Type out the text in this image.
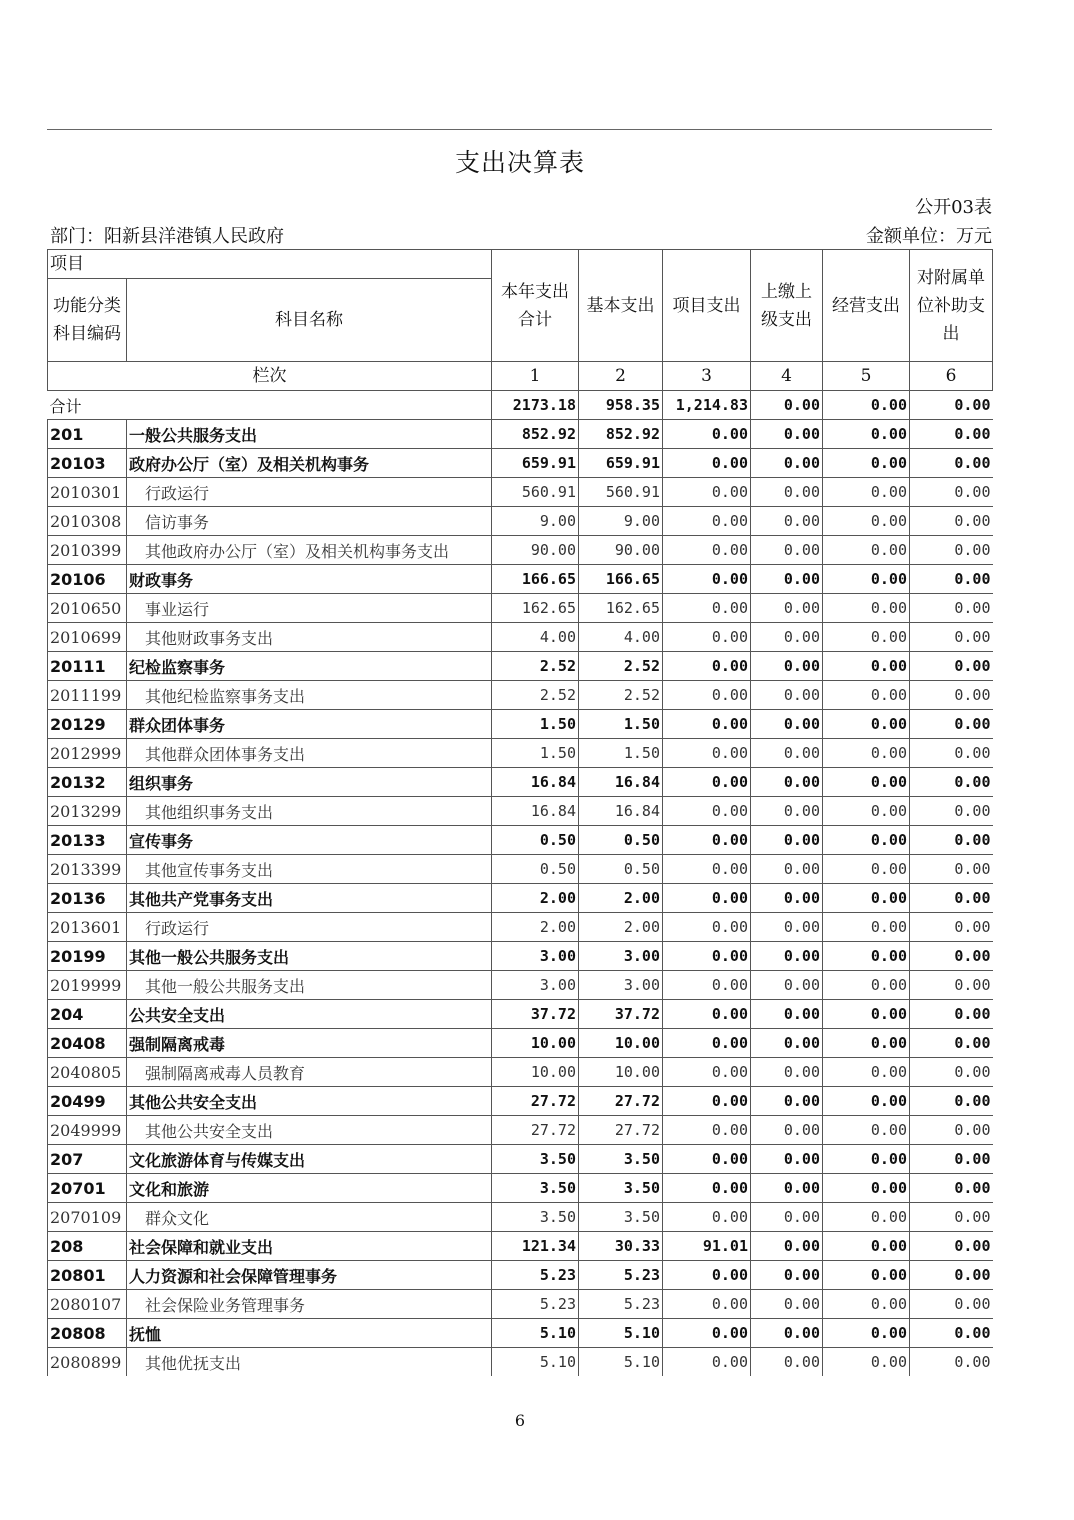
支出决算表
公开03表
部门：阳新县洋港镇人民政府	金额单位：万元
项目		本年支出合计	基本支出	项目支出	上缴上级支出	经营支出	对附属单位补助支出
功能分类科目编码	科目名称						
栏次		1	2	3	4	5	6
合计		2173.18	958.35	1,214.83	0.00	0.00	0.00
201	一般公共服务支出	852.92	852.92	0.00	0.00	0.00	0.00
20103	政府办公厅（室）及相关机构事务	659.91	659.91	0.00	0.00	0.00	0.00
2010301	行政运行	560.91	560.91	0.00	0.00	0.00	0.00
2010308	信访事务	9.00	9.00	0.00	0.00	0.00	0.00
2010399	其他政府办公厅（室）及相关机构事务支出	90.00	90.00	0.00	0.00	0.00	0.00
20106	财政事务	166.65	166.65	0.00	0.00	0.00	0.00
2010650	事业运行	162.65	162.65	0.00	0.00	0.00	0.00
2010699	其他财政事务支出	4.00	4.00	0.00	0.00	0.00	0.00
20111	纪检监察事务	2.52	2.52	0.00	0.00	0.00	0.00
2011199	其他纪检监察事务支出	2.52	2.52	0.00	0.00	0.00	0.00
20129	群众团体事务	1.50	1.50	0.00	0.00	0.00	0.00
2012999	其他群众团体事务支出	1.50	1.50	0.00	0.00	0.00	0.00
20132	组织事务	16.84	16.84	0.00	0.00	0.00	0.00
2013299	其他组织事务支出	16.84	16.84	0.00	0.00	0.00	0.00
20133	宣传事务	0.50	0.50	0.00	0.00	0.00	0.00
2013399	其他宣传事务支出	0.50	0.50	0.00	0.00	0.00	0.00
20136	其他共产党事务支出	2.00	2.00	0.00	0.00	0.00	0.00
2013601	行政运行	2.00	2.00	0.00	0.00	0.00	0.00
20199	其他一般公共服务支出	3.00	3.00	0.00	0.00	0.00	0.00
2019999	其他一般公共服务支出	3.00	3.00	0.00	0.00	0.00	0.00
204	公共安全支出	37.72	37.72	0.00	0.00	0.00	0.00
20408	强制隔离戒毒	10.00	10.00	0.00	0.00	0.00	0.00
2040805	强制隔离戒毒人员教育	10.00	10.00	0.00	0.00	0.00	0.00
20499	其他公共安全支出	27.72	27.72	0.00	0.00	0.00	0.00
2049999	其他公共安全支出	27.72	27.72	0.00	0.00	0.00	0.00
207	文化旅游体育与传媒支出	3.50	3.50	0.00	0.00	0.00	0.00
20701	文化和旅游	3.50	3.50	0.00	0.00	0.00	0.00
2070109	群众文化	3.50	3.50	0.00	0.00	0.00	0.00
208	社会保障和就业支出	121.34	30.33	91.01	0.00	0.00	0.00
20801	人力资源和社会保障管理事务	5.23	5.23	0.00	0.00	0.00	0.00
2080107	社会保险业务管理事务	5.23	5.23	0.00	0.00	0.00	0.00
20808	抚恤	5.10	5.10	0.00	0.00	0.00	0.00
2080899	其他优抚支出	5.10	5.10	0.00	0.00	0.00	0.00
6
